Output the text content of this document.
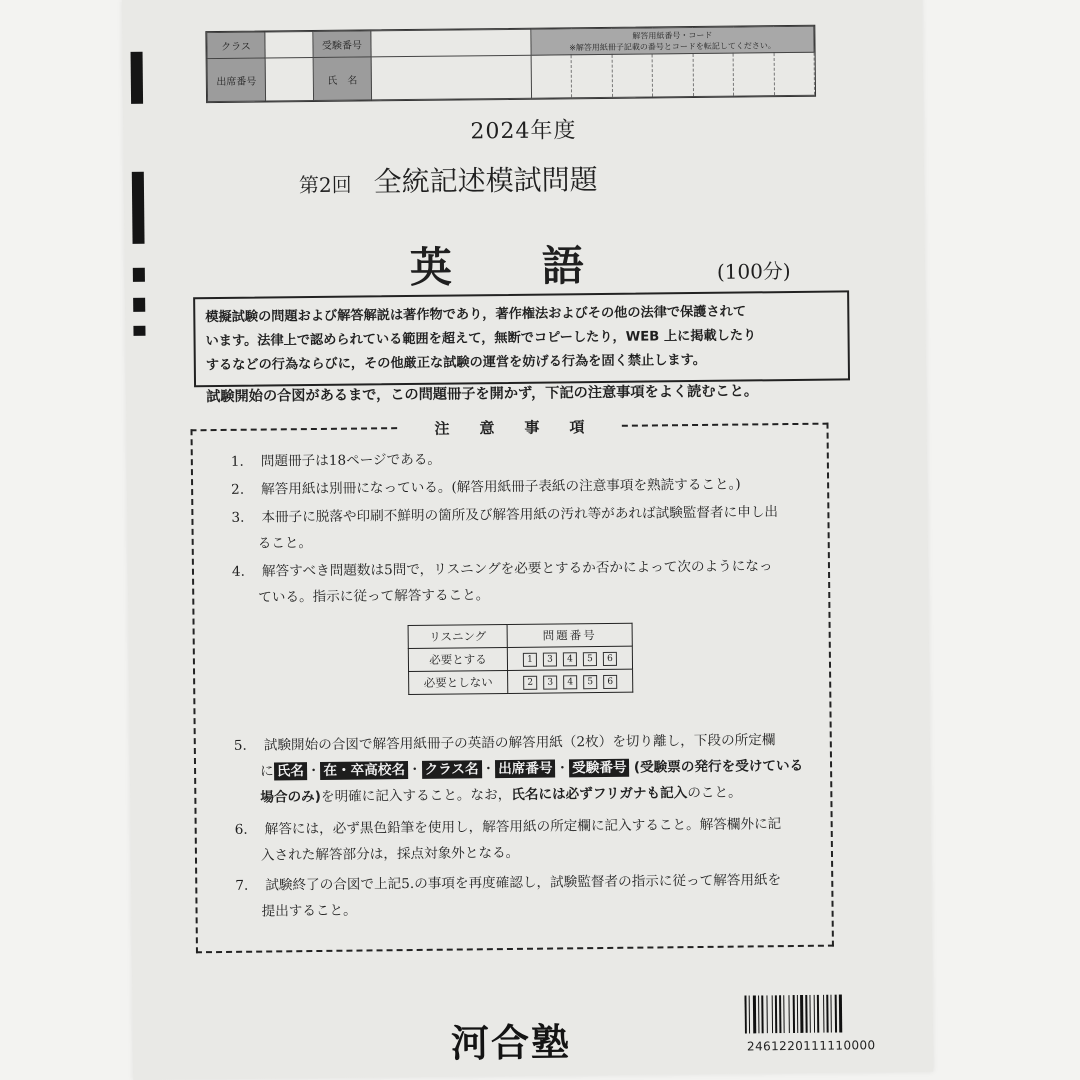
クラス		受験番号		解答用紙番号・コード
※解答用紙冊子記載の番号とコードを転記してください。						
出席番号		氏　名								
2024年度
第2回 全統記述模試問題
英語 (100分)
模擬試験の問題および解答解説は著作物であり，著作権法およびその他の法律で保護されて
います。法律上で認められている範囲を超えて，無断でコピーしたり，WEB 上に掲載したり
するなどの行為ならびに，その他厳正な試験の運営を妨げる行為を固く禁止します。
試験開始の合図があるまで，この問題冊子を開かず，下記の注意事項をよく読むこと。
注意事項
1. 問題冊子は18ページである。
2. 解答用紙は別冊になっている。(解答用紙冊子表紙の注意事項を熟読すること。)
3. 本冊子に脱落や印刷不鮮明の箇所及び解答用紙の汚れ等があれば試験監督者に申し出
ること。
4. 解答すべき問題数は5問で，リスニングを必要とするか否かによって次のようになっ
ている。指示に従って解答すること。
リスニング	問題番号
必要とする	1 3 4 5 6
必要としない	2 3 4 5 6
5. 試験開始の合図で解答用紙冊子の英語の解答用紙（2枚）を切り離し，下段の所定欄
に 氏名 ・ 在・卒高校名 ・ クラス名 ・ 出席番号 ・ 受験番号 (受験票の発行を受けている
場合のみ)を明確に記入すること。なお，氏名には必ずフリガナも記入のこと。
6. 解答には，必ず黒色鉛筆を使用し，解答用紙の所定欄に記入すること。解答欄外に記
入された解答部分は，採点対象外となる。
7. 試験終了の合図で上記5.の事項を再度確認し，試験監督者の指示に従って解答用紙を
提出すること。
河合塾	2461220111110000
